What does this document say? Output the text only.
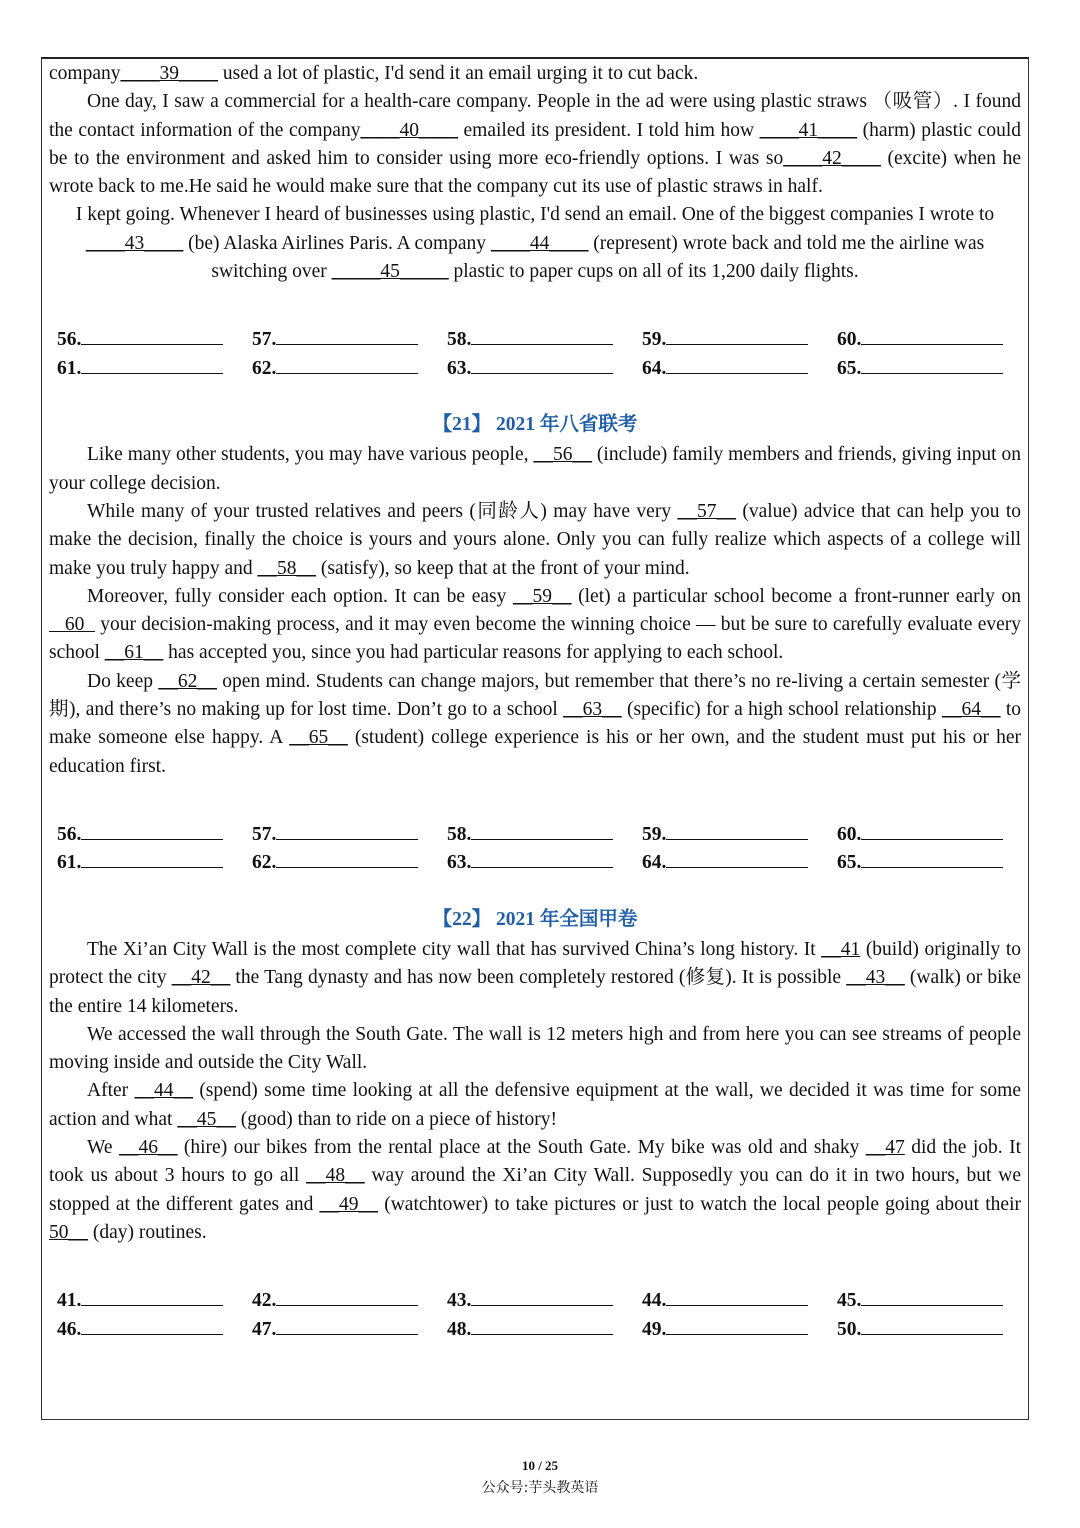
company____39____ used a lot of plastic, I'd send it an email urging it to cut back.

One day, I saw a commercial for a health-care company. People in the ad were using plastic straws （吸管）. I found the contact information of the company____40____ emailed its president. I told him how ____41____ (harm) plastic could be to the environment and asked him to consider using more eco-friendly options. I was so____42____ (excite) when he wrote back to me.He said he would make sure that the company cut its use of plastic straws in half.

I kept going. Whenever I heard of businesses using plastic, I'd send an email. One of the biggest companies I wrote to ____43____ (be) Alaska Airlines Paris. A company ____44____ (represent) wrote back and told me the airline was switching over _____45_____ plastic to paper cups on all of its 1,200 daily flights.

56.	57.	58.	59.	60.
61.	62.	63.	64.	65.
【21】 2021 年八省联考

Like many other students, you may have various people, __56__ (include) family members and friends, giving input on your college decision.

While many of your trusted relatives and peers (同龄人) may have very __57__ (value) advice that can help you to make the decision, finally the choice is yours and yours alone. Only you can fully realize which aspects of a college will make you truly happy and __58__ (satisfy), so keep that at the front of your mind.

Moreover, fully consider each option. It can be easy __59__ (let) a particular school become a front-runner early on    60   your decision-making process, and it may even become the winning choice — but be sure to carefully evaluate every school __61__ has accepted you, since you had particular reasons for applying to each school.

Do keep __62__ open mind. Students can change majors, but remember that there’s no re-living a certain semester (学期), and there’s no making up for lost time. Don’t go to a school __63__ (specific) for a high school relationship __64__ to make someone else happy. A __65__ (student) college experience is his or her own, and the student must put his or her education first.

56.	57.	58.	59.	60.
61.	62.	63.	64.	65.
【22】 2021 年全国甲卷

The Xi’an City Wall is the most complete city wall that has survived China’s long history. It __41 (build) originally to protect the city __42__ the Tang dynasty and has now been completely restored (修复). It is possible __43__ (walk) or bike the entire 14 kilometers.

We accessed the wall through the South Gate. The wall is 12 meters high and from here you can see streams of people moving inside and outside the City Wall.

After __44__ (spend) some time looking at all the defensive equipment at the wall, we decided it was time for some action and what __45__ (good) than to ride on a piece of history!

We __46__ (hire) our bikes from the rental place at the South Gate. My bike was old and shaky __47 did the job. It took us about 3 hours to go all __48__ way around the Xi’an City Wall. Supposedly you can do it in two hours, but we stopped at the different gates and __49__ (watchtower) to take pictures or just to watch the local people going about their 50__ (day) routines.

41.	42.	43.	44.	45.
46.	47.	48.	49.	50.
10 / 25
公众号:芋头教英语
